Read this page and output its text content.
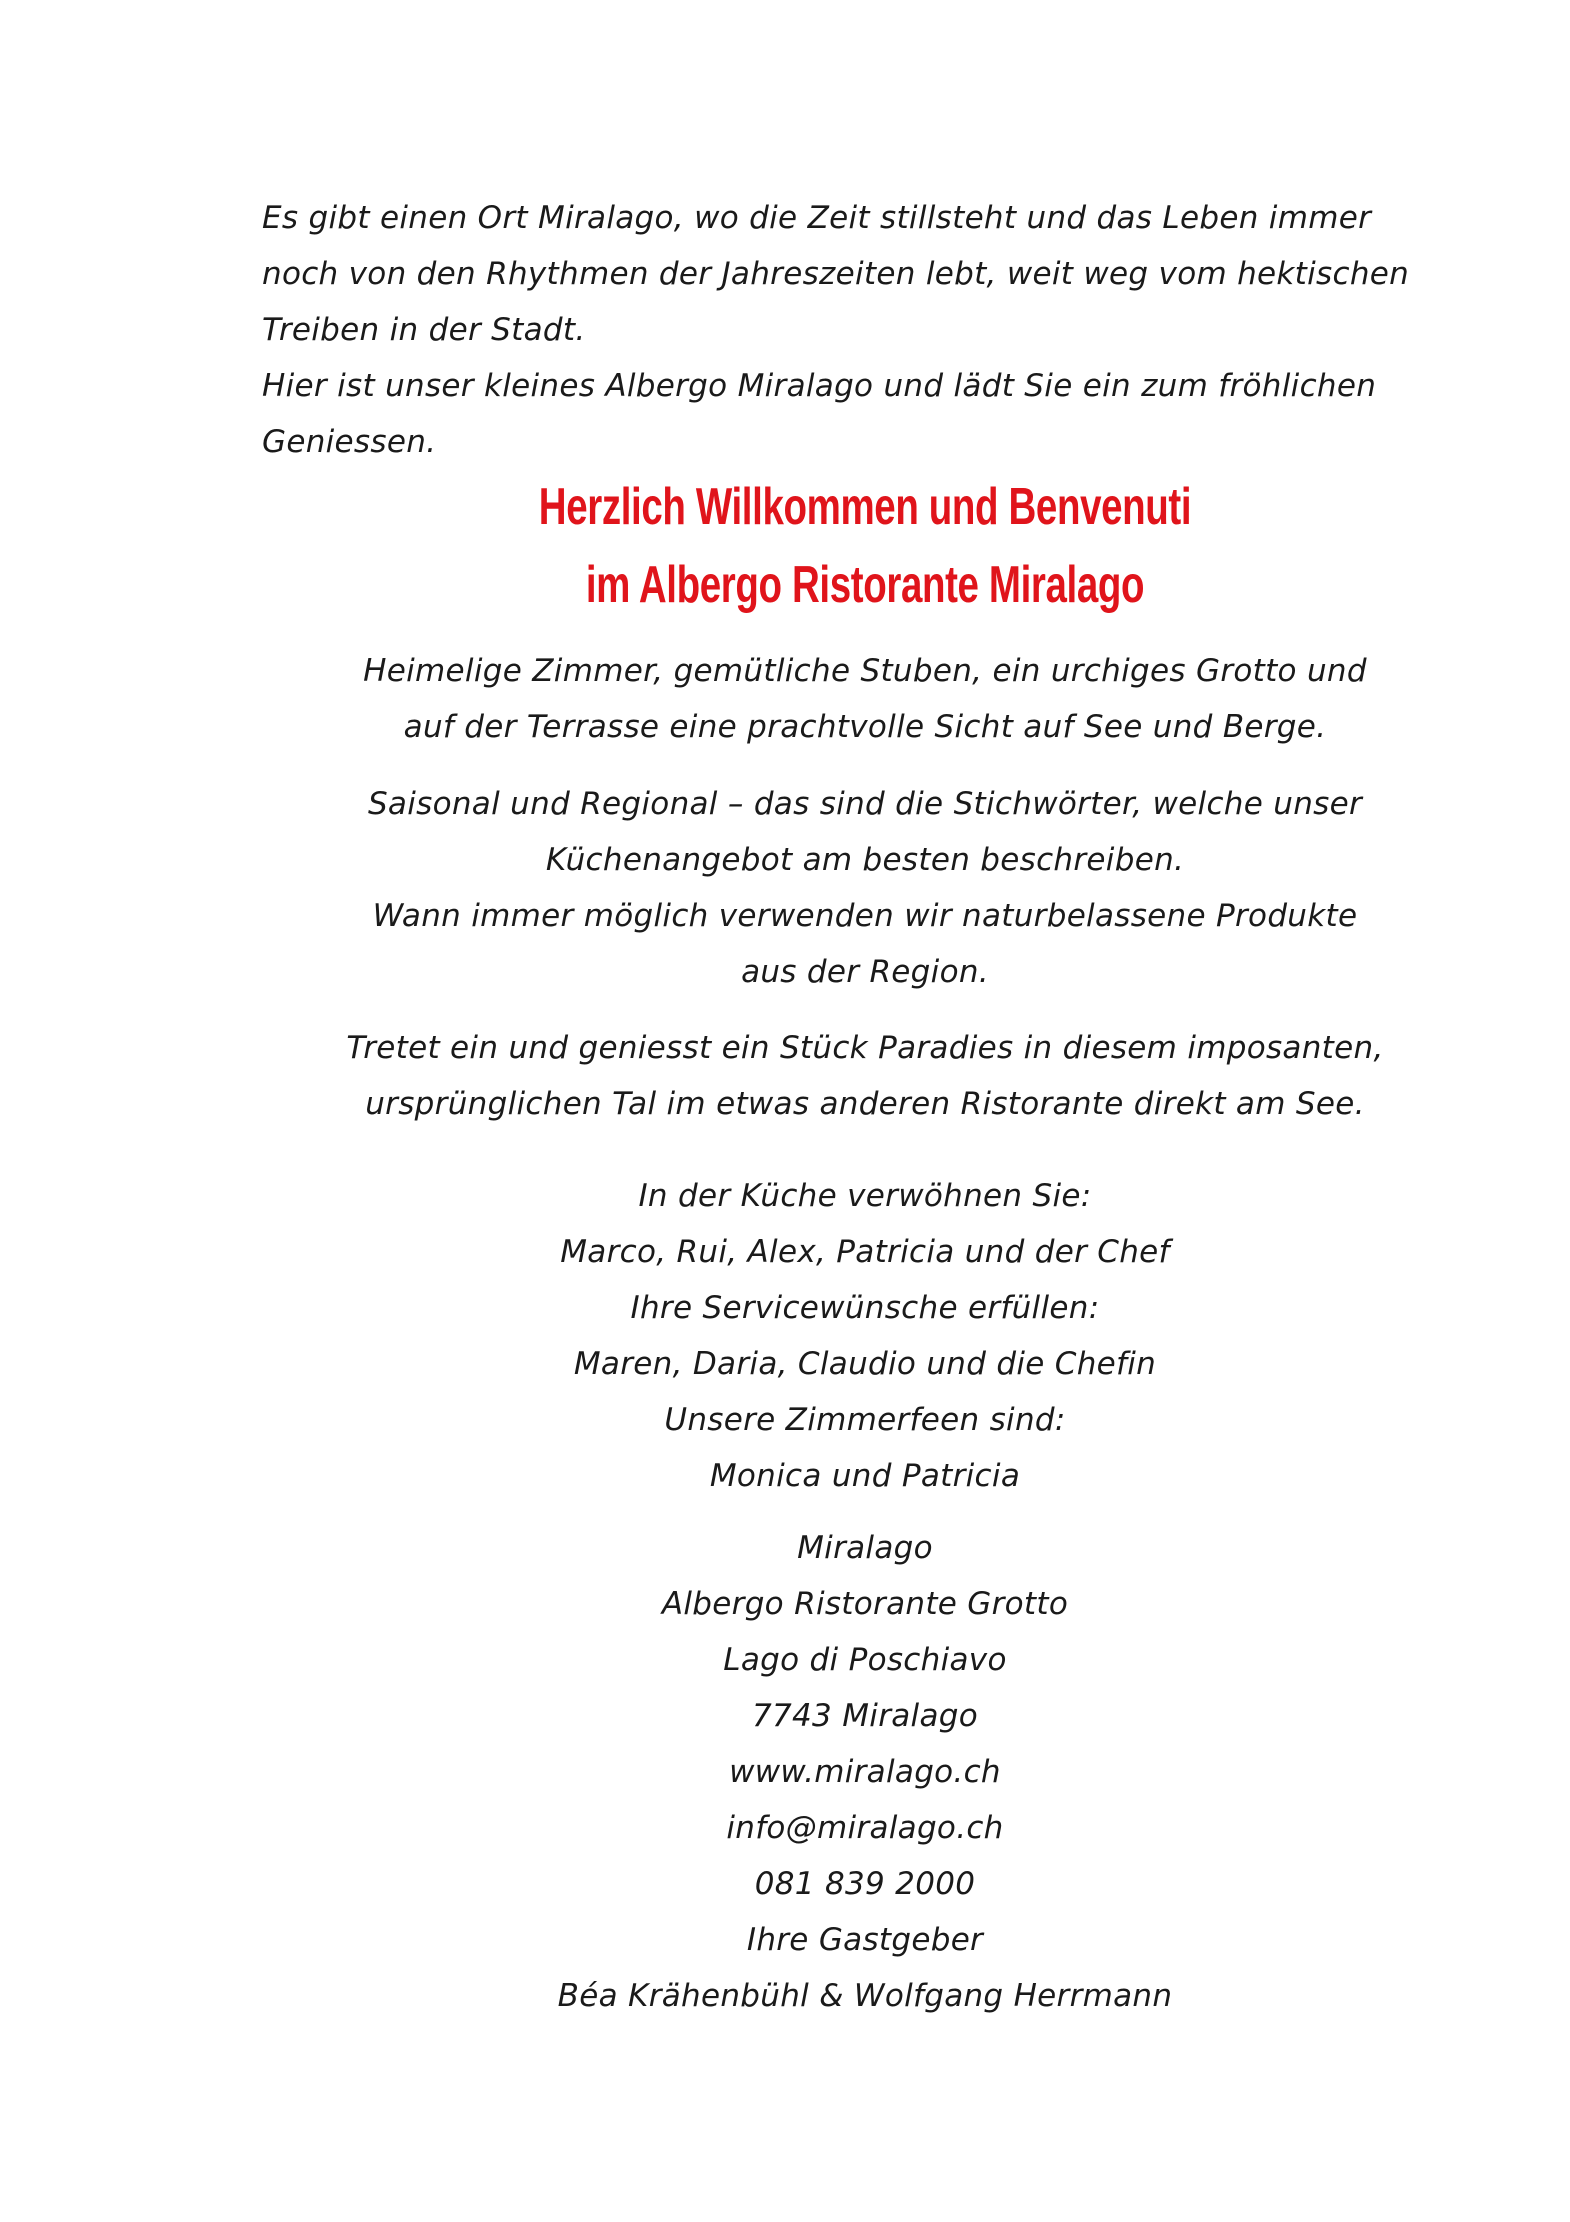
Es gibt einen Ort Miralago, wo die Zeit stillsteht und das Leben immer
noch von den Rhythmen der Jahreszeiten lebt, weit weg vom hektischen
Treiben in der Stadt.

Hier ist unser kleines Albergo Miralago und lädt Sie ein zum fröhlichen
Geniessen.

Herzlich Willkommen und Benvenuti
im Albergo Ristorante Miralago
Heimelige Zimmer, gemütliche Stuben, ein urchiges Grotto und
auf der Terrasse eine prachtvolle Sicht auf See und Berge.
Saisonal und Regional – das sind die Stichwörter, welche unser
Küchenangebot am besten beschreiben.
Wann immer möglich verwenden wir naturbelassene Produkte
aus der Region.
Tretet ein und geniesst ein Stück Paradies in diesem imposanten,
ursprünglichen Tal im etwas anderen Ristorante direkt am See.
In der Küche verwöhnen Sie:
Marco, Rui, Alex, Patricia und der Chef
Ihre Servicewünsche erfüllen:
Maren, Daria, Claudio und die Chefin
Unsere Zimmerfeen sind:
Monica und Patricia
Miralago
Albergo Ristorante Grotto
Lago di Poschiavo
7743 Miralago
www.miralago.ch
info@miralago.ch
081 839 2000
Ihre Gastgeber
Béa Krähenbühl & Wolfgang Herrmann
